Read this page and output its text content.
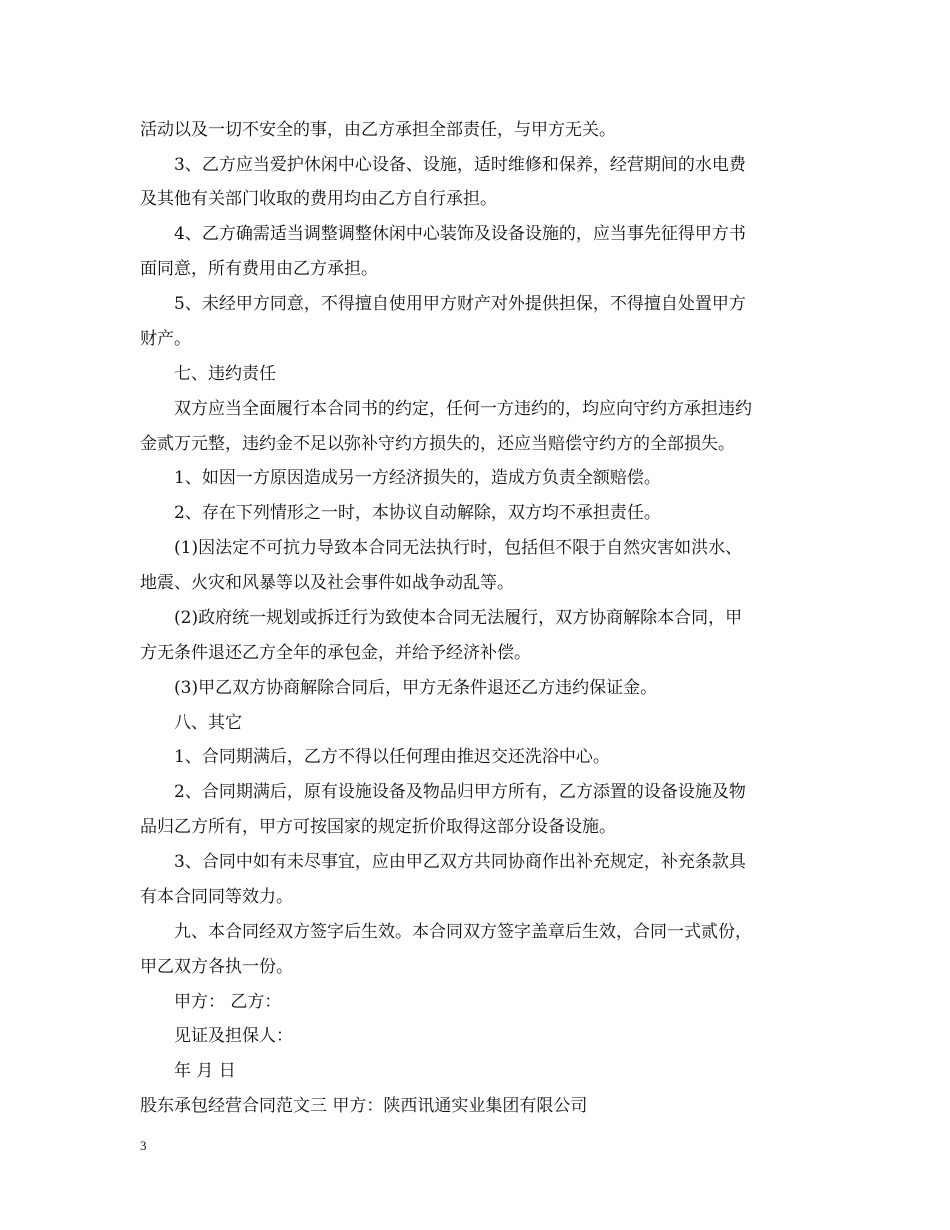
活动以及一切不安全的事，由乙方承担全部责任，与甲方无关。
3、乙方应当爱护休闲中心设备、设施，适时维修和保养，经营期间的水电费
及其他有关部门收取的费用均由乙方自行承担。
4、乙方确需适当调整调整休闲中心装饰及设备设施的，应当事先征得甲方书
面同意，所有费用由乙方承担。
5、未经甲方同意，不得擅自使用甲方财产对外提供担保，不得擅自处置甲方
财产。
七、违约责任
双方应当全面履行本合同书的约定，任何一方违约的，均应向守约方承担违约
金贰万元整，违约金不足以弥补守约方损失的，还应当赔偿守约方的全部损失。
1、如因一方原因造成另一方经济损失的，造成方负责全额赔偿。
2、存在下列情形之一时，本协议自动解除，双方均不承担责任。
(1)因法定不可抗力导致本合同无法执行时，包括但不限于自然灾害如洪水、
地震、火灾和风暴等以及社会事件如战争动乱等。
(2)政府统一规划或拆迁行为致使本合同无法履行，双方协商解除本合同，甲
方无条件退还乙方全年的承包金，并给予经济补偿。
(3)甲乙双方协商解除合同后，甲方无条件退还乙方违约保证金。
八、其它
1、合同期满后，乙方不得以任何理由推迟交还洗浴中心。
2、合同期满后，原有设施设备及物品归甲方所有，乙方添置的设备设施及物
品归乙方所有，甲方可按国家的规定折价取得这部分设备设施。
3、合同中如有未尽事宜，应由甲乙双方共同协商作出补充规定，补充条款具
有本合同同等效力。
九、本合同经双方签字后生效。本合同双方签字盖章后生效，合同一式贰份，
甲乙双方各执一份。
甲方： 乙方：
见证及担保人：
年 月 日
股东承包经营合同范文三 甲方：陕西讯通实业集团有限公司
3
